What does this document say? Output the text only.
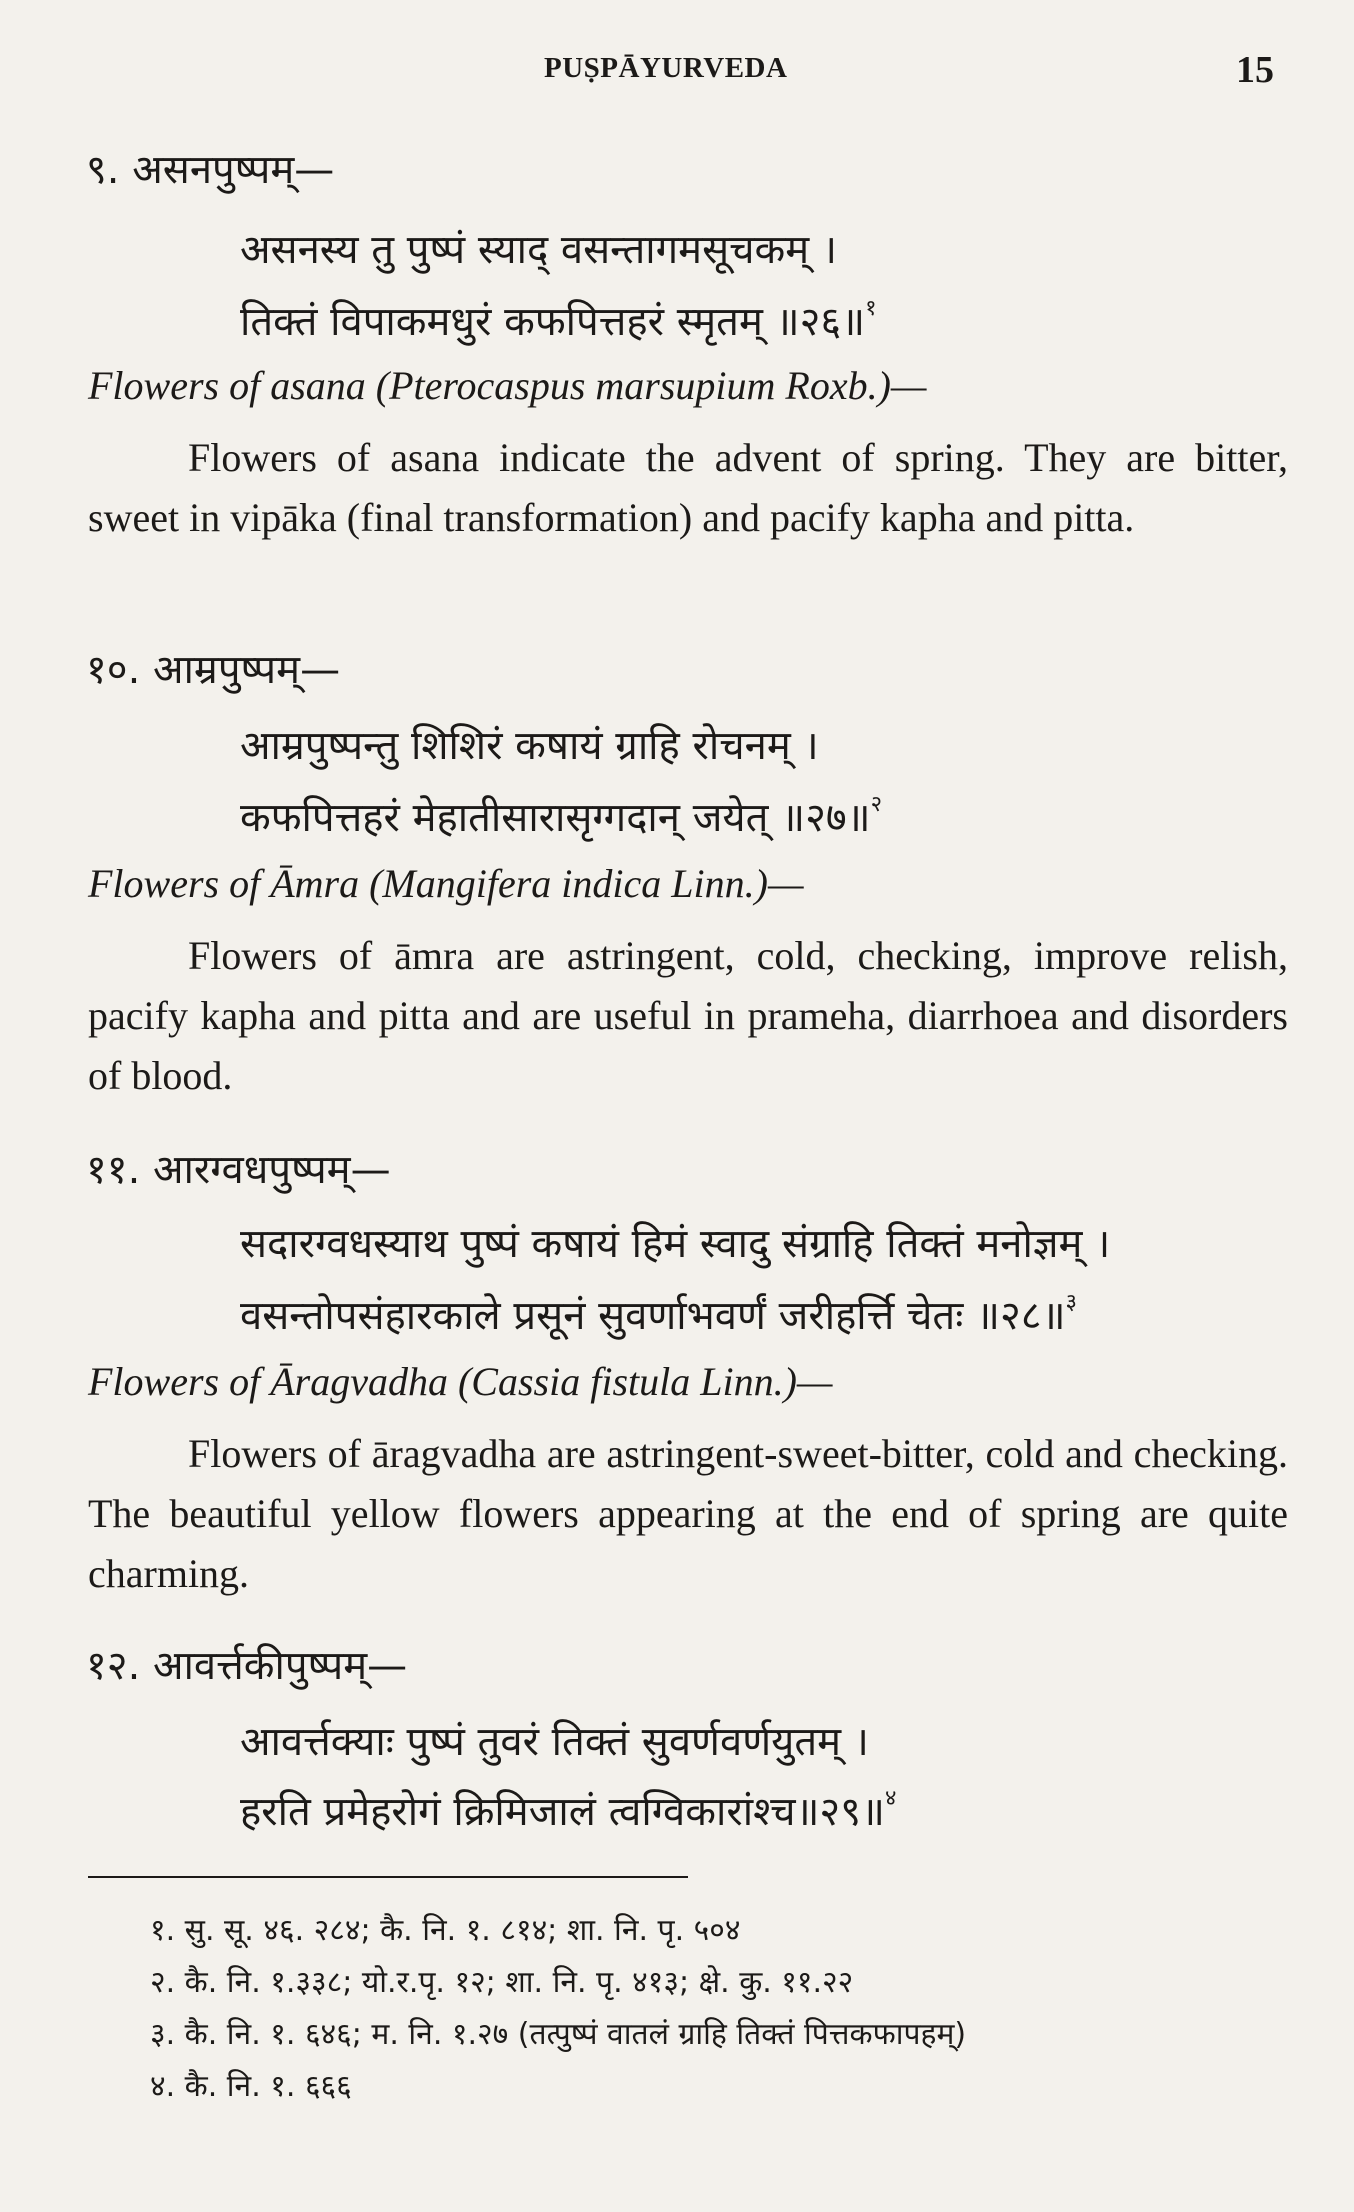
PUṢPĀYURVEDA	15
९. असनपुष्पम्—
असनस्य तु पुष्पं स्याद् वसन्तागमसूचकम् ।
तिक्तं विपाकमधुरं कफपित्तहरं स्मृतम् ॥२६॥ १
Flowers of asana (Pterocaspus marsupium Roxb.)—
Flowers of asana indicate the advent of spring. They are bitter, sweet in vipāka (final transformation) and pacify kapha and pitta.
१०. आम्रपुष्पम्—
आम्रपुष्पन्तु शिशिरं कषायं ग्राहि रोचनम् ।
कफपित्तहरं मेहातीसारासृग्गदान् जयेत् ॥२७॥ २
Flowers of Āmra (Mangifera indica Linn.)—
Flowers of āmra are astringent, cold, checking, improve relish, pacify kapha and pitta and are useful in prameha, diarrhoea and disorders of blood.
११. आरग्वधपुष्पम्—
सदारग्वधस्याथ पुष्पं कषायं हिमं स्वादु संग्राहि तिक्तं मनोज्ञम् ।
वसन्तोपसंहारकाले प्रसूनं सुवर्णाभवर्णं जरीहर्त्ति चेतः ॥२८॥ ३
Flowers of Āragvadha (Cassia fistula Linn.)—
Flowers of āragvadha are astringent-sweet-bitter, cold and checking. The beautiful yellow flowers appearing at the end of spring are quite charming.
१२. आवर्त्तकीपुष्पम्—
आवर्त्तक्याः पुष्पं तुवरं तिक्तं सुवर्णवर्णयुतम् ।
हरति प्रमेहरोगं क्रिमिजालं त्वग्विकारांश्च॥२९॥ ४
१. सु. सू. ४६. २८४; कै. नि. १. ८१४; शा. नि. पृ. ५०४
२. कै. नि. १.३३८; यो.र.पृ. १२; शा. नि. पृ. ४१३; क्षे. कु. ११.२२
३. कै. नि. १. ६४६; म. नि. १.२७ (तत्पुष्पं वातलं ग्राहि तिक्तं पित्तकफापहम्)
४. कै. नि. १. ६६६
